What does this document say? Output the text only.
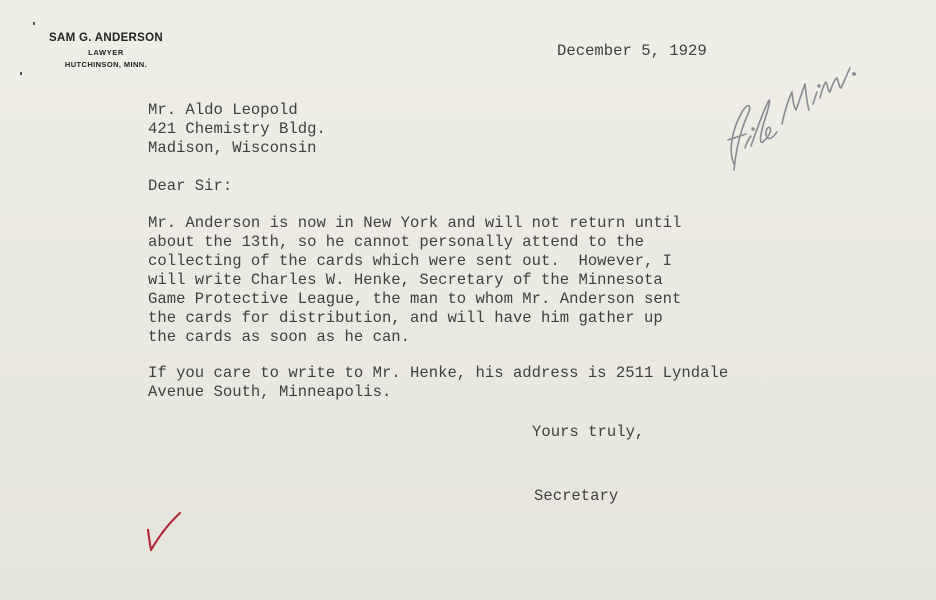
SAM G. ANDERSON
LAWYER
HUTCHINSON, MINN.
December 5, 1929
Mr. Aldo Leopold
421 Chemistry Bldg.
Madison, Wisconsin
Dear Sir:
Mr. Anderson is now in New York and will not return until
about the 13th, so he cannot personally attend to the
collecting of the cards which were sent out.  However, I
will write Charles W. Henke, Secretary of the Minnesota
Game Protective League, the man to whom Mr. Anderson sent
the cards for distribution, and will have him gather up
the cards as soon as he can.
If you care to write to Mr. Henke, his address is 2511 Lyndale
Avenue South, Minneapolis.
Yours truly,
Secretary
